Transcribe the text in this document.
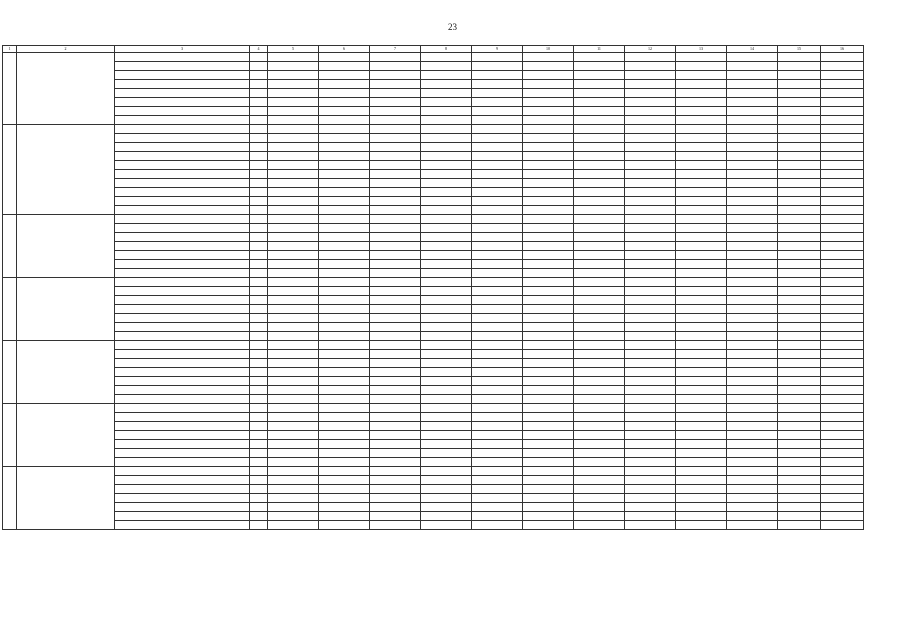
23
1	2	3	4	5	6	7	8	9	10	11	12	13	14	15	16
